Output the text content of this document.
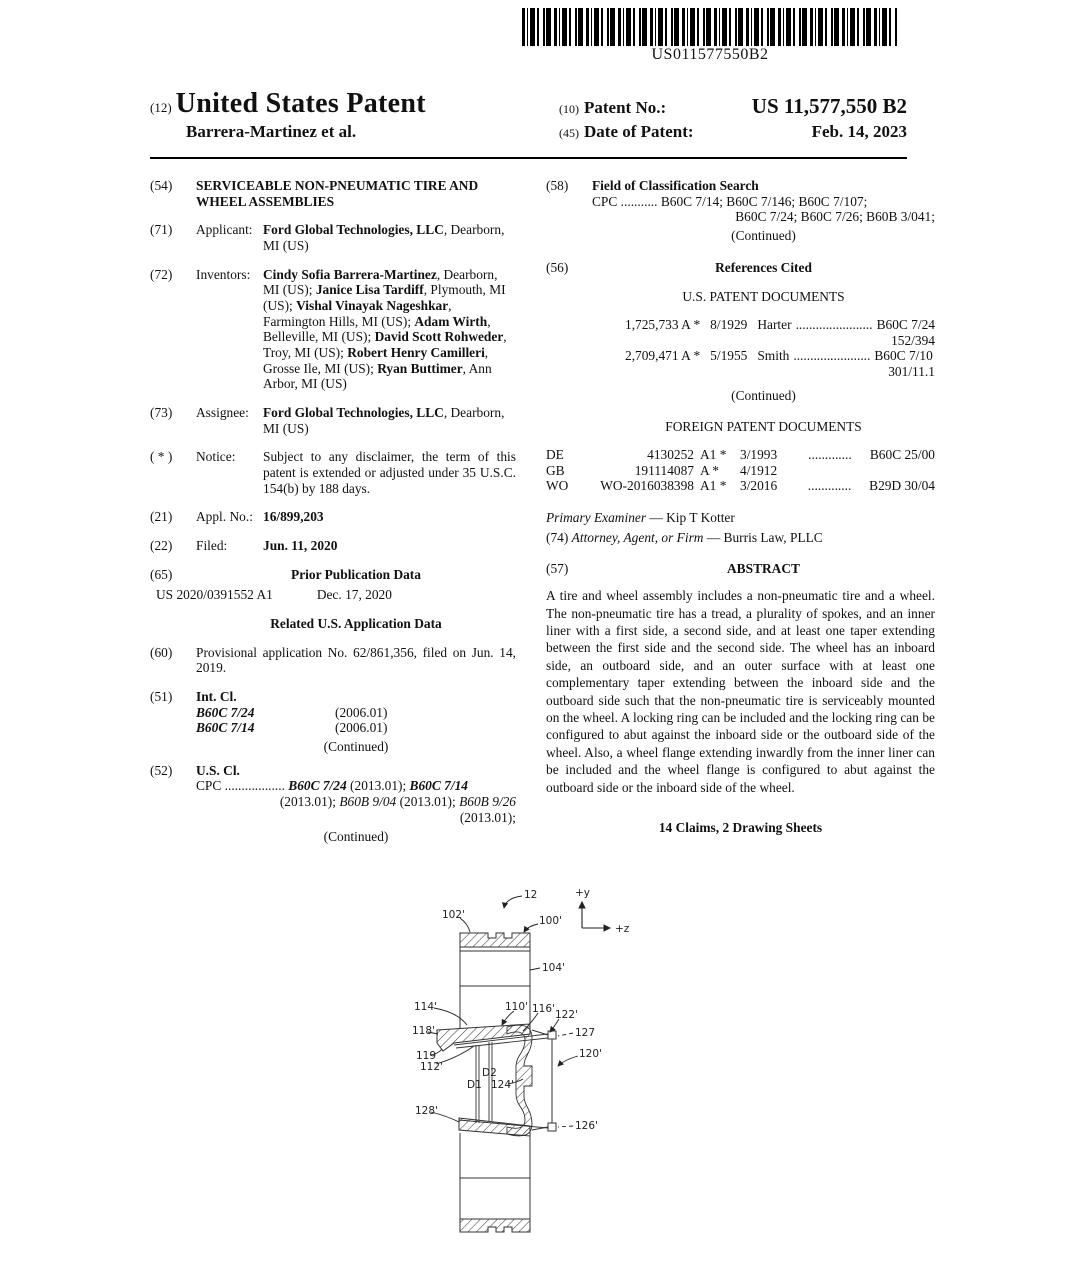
US011577550B2
(12) United States Patent
Barrera-Martinez et al.
(10) Patent No.:	US 11,577,550 B2
(45) Date of Patent:	Feb. 14, 2023
(54) SERVICEABLE NON-PNEUMATIC TIRE AND WHEEL ASSEMBLIES
(71) Applicant: Ford Global Technologies, LLC, Dearborn, MI (US)
(72) Inventors: Cindy Sofia Barrera-Martinez, Dearborn, MI (US); Janice Lisa Tardiff, Plymouth, MI (US); Vishal Vinayak Nageshkar, Farmington Hills, MI (US); Adam Wirth, Belleville, MI (US); David Scott Rohweder, Troy, MI (US); Robert Henry Camilleri, Grosse Ile, MI (US); Ryan Buttimer, Ann Arbor, MI (US)
(73) Assignee:	Ford Global Technologies, LLC, Dearborn, MI (US)
( * ) Notice:	Subject to any disclaimer, the term of this patent is extended or adjusted under 35 U.S.C. 154(b) by 188 days.
(21) Appl. No.: 16/899,203
(22) Filed:	Jun. 11, 2020
(65)	Prior Publication Data
US 2020/0391552 A1	Dec. 17, 2020
Related U.S. Application Data
(60) Provisional application No. 62/861,356, filed on Jun. 14, 2019.
(51) Int. Cl.
B60C 7/24	(2006.01)
B60C 7/14	(2006.01)
(Continued)
(52) U.S. Cl.
CPC .................. B60C 7/24 (2013.01); B60C 7/14
(2013.01); B60B 9/04 (2013.01); B60B 9/26
(2013.01);
(Continued)
(58) Field of Classification Search
CPC ........... B60C 7/14; B60C 7/146; B60C 7/107;
B60C 7/24; B60C 7/26; B60B 3/041;
(Continued)
(56)	References Cited
U.S. PATENT DOCUMENTS
1,725,733 A * 8/1929 Harter ....................... B60C 7/24
152/394
2,709,471 A * 5/1955 Smith ....................... B60C 7/10
301/11.1
(Continued)
FOREIGN PATENT DOCUMENTS
DE	4130252 A1 *	3/1993	.............	B60C 25/00
GB	191114087 A *	4/1912
WO	WO-2016038398 A1 *	3/2016	.............	B29D 30/04
Primary Examiner — Kip T Kotter
(74) Attorney, Agent, or Firm — Burris Law, PLLC
(57)	ABSTRACT
A tire and wheel assembly includes a non-pneumatic tire and a wheel. The non-pneumatic tire has a tread, a plurality of spokes, and an inner liner with a first side, a second side, and at least one taper extending between the first side and the second side. The wheel has an inboard side, an outboard side, and an outer surface with at least one complementary taper extending between the inboard side and the outboard side such that the non-pneumatic tire is serviceably mounted on the wheel. A locking ring can be included and the locking ring can be configured to abut against the inboard side or the outboard side of the wheel. Also, a wheel flange extending inwardly from the inner liner can be included and the wheel flange is configured to abut against the outboard side or the inboard side of the wheel.
14 Claims, 2 Drawing Sheets
+y
+z
12
102'	100'
104'
114'	110' 116' 122'
127
118'
119
112'
120'
D2
D1 124'
128'
126'
